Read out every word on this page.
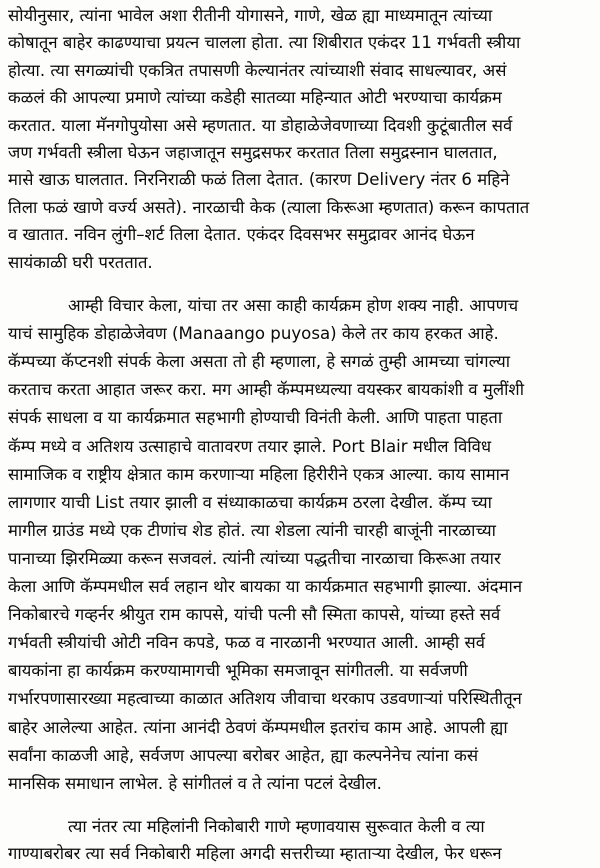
सोयीनुसार, त्यांना भावेल अशा रीतीनी योगासने, गाणे, खेळ ह्या माध्यमातून त्यांच्या
कोषातून बाहेर काढण्याचा प्रयत्न चालला होता. त्या शिबीरात एकंदर 11 गर्भवती स्त्रीया
होत्या. त्या सगळ्यांची एकत्रित तपासणी केल्यानंतर त्यांच्याशी संवाद साधल्यावर, असं
कळलं की आपल्या प्रमाणे त्यांच्या कडेही सातव्या महिन्यात ओटी भरण्याचा कार्यक्रम
करतात. याला मॅनगोपुयोसा असे म्हणतात. या डोहाळेजेवणाच्या दिवशी कुटूंबातील सर्व
जण गर्भवती स्त्रीला घेऊन जहाजातून समुद्रसफर करतात तिला समुद्रस्नान घालतात,
मासे खाऊ घालतात. निरनिराळी फळं तिला देतात. (कारण Delivery नंतर 6 महिने
तिला फळं खाणे वर्ज्य असते). नारळाची केक (त्याला किरूआ म्हणतात) करून कापतात
व खातात. नविन लुंगी–शर्ट तिला देतात. एकंदर दिवसभर समुद्रावर आनंद घेऊन
सायंकाळी घरी परततात.
आम्ही विचार केला, यांचा तर असा काही कार्यक्रम होण शक्य नाही. आपणच
याचं सामुहिक डोहाळेजेवण (Manaango puyosa) केले तर काय हरकत आहे.
कॅम्पच्या कॅप्टनशी संपर्क केला असता तो ही म्हणाला, हे सगळं तुम्ही आमच्या चांगल्या
करताच करता आहात जरूर करा. मग आम्ही कॅम्पमध्यल्या वयस्कर बायकांशी व मुलींशी
संपर्क साधला व या कार्यक्रमात सहभागी होण्याची विनंती केली. आणि पाहता पाहता
कॅम्प मध्ये व अतिशय उत्साहाचे वातावरण तयार झाले. Port Blair मधील विविध
सामाजिक व राष्ट्रीय क्षेत्रात काम करणाऱ्या महिला हिरीरीने एकत्र आल्या. काय सामान
लागणार याची List तयार झाली व संध्याकाळचा कार्यक्रम ठरला देखील. कॅम्प च्या
मागील ग्राउंड मध्ये एक टीणांच शेड होतं. त्या शेडला त्यांनी चारही बाजूंनी नारळाच्या
पानाच्या झिरमिळ्या करून सजवलं. त्यांनी त्यांच्या पद्धतीचा नारळाचा किरूआ तयार
केला आणि कॅम्पमधील सर्व लहान थोर बायका या कार्यक्रमात सहभागी झाल्या. अंदमान
निकोबारचे गव्हर्नर श्रीयुत राम कापसे, यांची पत्नी सौ स्मिता कापसे, यांच्या हस्ते सर्व
गर्भवती स्त्रीयांची ओटी नविन कपडे, फळ व नारळानी भरण्यात आली. आम्ही सर्व
बायकांना हा कार्यक्रम करण्यामागची भूमिका समजावून सांगीतली. या सर्वजणी
गर्भारपणासारख्या महत्वाच्या काळात अतिशय जीवाचा थरकाप उडवणाऱ्यां परिस्थितीतून
बाहेर आलेल्या आहेत. त्यांना आनंदी ठेवणं कॅम्पमधील इतरांच काम आहे. आपली ह्या
सर्वांना काळजी आहे, सर्वजण आपल्या बरोबर आहेत, ह्या कल्पनेनेच त्यांना कसं
मानसिक समाधान लाभेल. हे सांगीतलं व ते त्यांना पटलं देखील.
त्या नंतर त्या महिलांनी निकोबारी गाणे म्हणावयास सुरूवात केली व त्या
गाण्याबरोबर त्या सर्व निकोबारी महिला अगदी सत्तरीच्या म्हाताऱ्या देखील, फेर धरून
